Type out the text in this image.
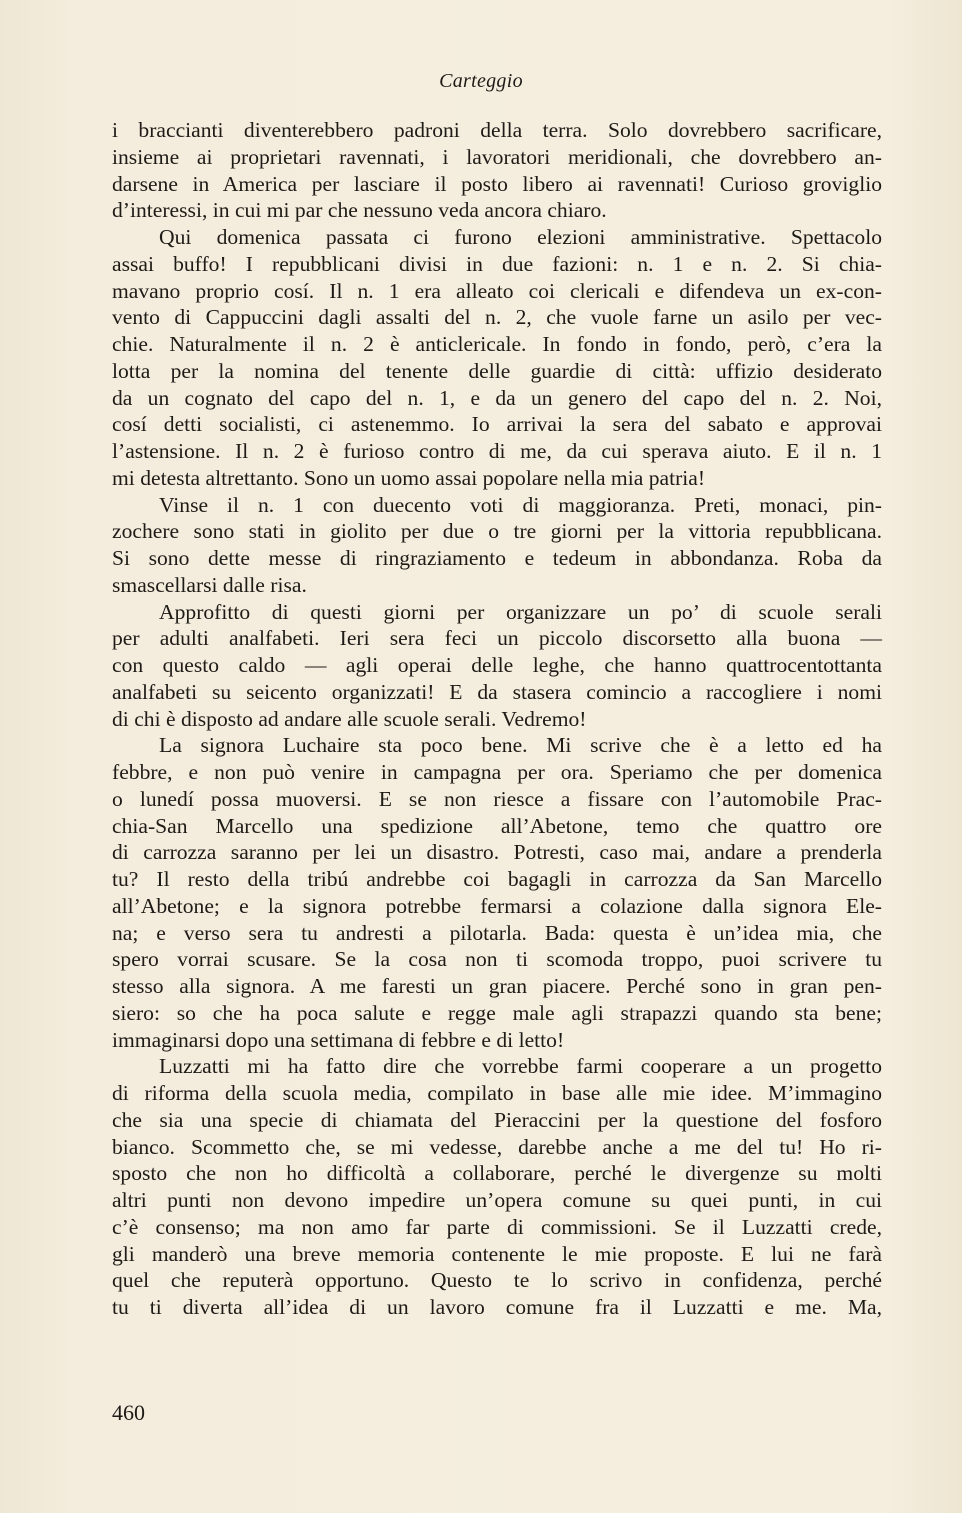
Carteggio
i braccianti diventerebbero padroni della terra. Solo dovrebbero sacrificare,
insieme ai proprietari ravennati, i lavoratori meridionali, che dovrebbero an-
darsene in America per lasciare il posto libero ai ravennati! Curioso groviglio
d’interessi, in cui mi par che nessuno veda ancora chiaro.
Qui domenica passata ci furono elezioni amministrative. Spettacolo
assai buffo! I repubblicani divisi in due fazioni: n. 1 e n. 2. Si chia-
mavano proprio cosí. Il n. 1 era alleato coi clericali e difendeva un ex-con-
vento di Cappuccini dagli assalti del n. 2, che vuole farne un asilo per vec-
chie. Naturalmente il n. 2 è anticlericale. In fondo in fondo, però, c’era la
lotta per la nomina del tenente delle guardie di città: uffizio desiderato
da un cognato del capo del n. 1, e da un genero del capo del n. 2. Noi,
cosí detti socialisti, ci astenemmo. Io arrivai la sera del sabato e approvai
l’astensione. Il n. 2 è furioso contro di me, da cui sperava aiuto. E il n. 1
mi detesta altrettanto. Sono un uomo assai popolare nella mia patria!
Vinse il n. 1 con duecento voti di maggioranza. Preti, monaci, pin-
zochere sono stati in giolito per due o tre giorni per la vittoria repubblicana.
Si sono dette messe di ringraziamento e tedeum in abbondanza. Roba da
smascellarsi dalle risa.
Approfitto di questi giorni per organizzare un po’ di scuole serali
per adulti analfabeti. Ieri sera feci un piccolo discorsetto alla buona —
con questo caldo — agli operai delle leghe, che hanno quattrocentottanta
analfabeti su seicento organizzati! E da stasera comincio a raccogliere i nomi
di chi è disposto ad andare alle scuole serali. Vedremo!
La signora Luchaire sta poco bene. Mi scrive che è a letto ed ha
febbre, e non può venire in campagna per ora. Speriamo che per domenica
o lunedí possa muoversi. E se non riesce a fissare con l’automobile Prac-
chia-San Marcello una spedizione all’Abetone, temo che quattro ore
di carrozza saranno per lei un disastro. Potresti, caso mai, andare a prenderla
tu? Il resto della tribú andrebbe coi bagagli in carrozza da San Marcello
all’Abetone; e la signora potrebbe fermarsi a colazione dalla signora Ele-
na; e verso sera tu andresti a pilotarla. Bada: questa è un’idea mia, che
spero vorrai scusare. Se la cosa non ti scomoda troppo, puoi scrivere tu
stesso alla signora. A me faresti un gran piacere. Perché sono in gran pen-
siero: so che ha poca salute e regge male agli strapazzi quando sta bene;
immaginarsi dopo una settimana di febbre e di letto!
Luzzatti mi ha fatto dire che vorrebbe farmi cooperare a un progetto
di riforma della scuola media, compilato in base alle mie idee. M’immagino
che sia una specie di chiamata del Pieraccini per la questione del fosforo
bianco. Scommetto che, se mi vedesse, darebbe anche a me del tu! Ho ri-
sposto che non ho difficoltà a collaborare, perché le divergenze su molti
altri punti non devono impedire un’opera comune su quei punti, in cui
c’è consenso; ma non amo far parte di commissioni. Se il Luzzatti crede,
gli manderò una breve memoria contenente le mie proposte. E lui ne farà
quel che reputerà opportuno. Questo te lo scrivo in confidenza, perché
tu ti diverta all’idea di un lavoro comune fra il Luzzatti e me. Ma,
460
